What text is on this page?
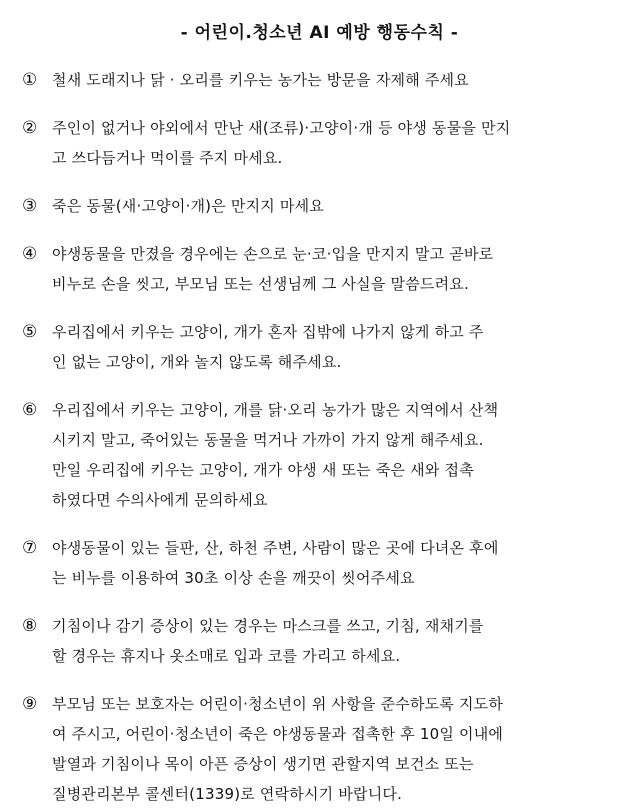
- 어린이.청소년 AI 예방 행동수칙 -
① 철새 도래지나 닭 · 오리를 키우는 농가는 방문을 자제해 주세요
② 주인이 없거나 야외에서 만난 새(조류)·고양이·개 등 야생 동물을 만지
고 쓰다듬거나 먹이를 주지 마세요.
③ 죽은 동물(새·고양이·개)은 만지지 마세요
④ 야생동물을 만졌을 경우에는 손으로 눈·코·입을 만지지 말고 곧바로
비누로 손을 씻고, 부모님 또는 선생님께 그 사실을 말씀드려요.
⑤ 우리집에서 키우는 고양이, 개가 혼자 집밖에 나가지 않게 하고 주
인 없는 고양이, 개와 놀지 않도록 해주세요.
⑥ 우리집에서 키우는 고양이, 개를 닭·오리 농가가 많은 지역에서 산책
시키지 말고, 죽어있는 동물을 먹거나 가까이 가지 않게 해주세요.
만일 우리집에 키우는 고양이, 개가 야생 새 또는 죽은 새와 접촉
하였다면 수의사에게 문의하세요
⑦ 야생동물이 있는 들판, 산, 하천 주변, 사람이 많은 곳에 다녀온 후에
는 비누를 이용하여 30초 이상 손을 깨끗이 씻어주세요
⑧ 기침이나 감기 증상이 있는 경우는 마스크를 쓰고, 기침, 재채기를
할 경우는 휴지나 옷소매로 입과 코를 가리고 하세요.
⑨ 부모님 또는 보호자는 어린이·청소년이 위 사항을 준수하도록 지도하
여 주시고, 어린이·청소년이 죽은 야생동물과 접촉한 후 10일 이내에
발열과 기침이나 목이 아픈 증상이 생기면 관할지역 보건소 또는
질병관리본부 콜센터(1339)로 연락하시기 바랍니다.
